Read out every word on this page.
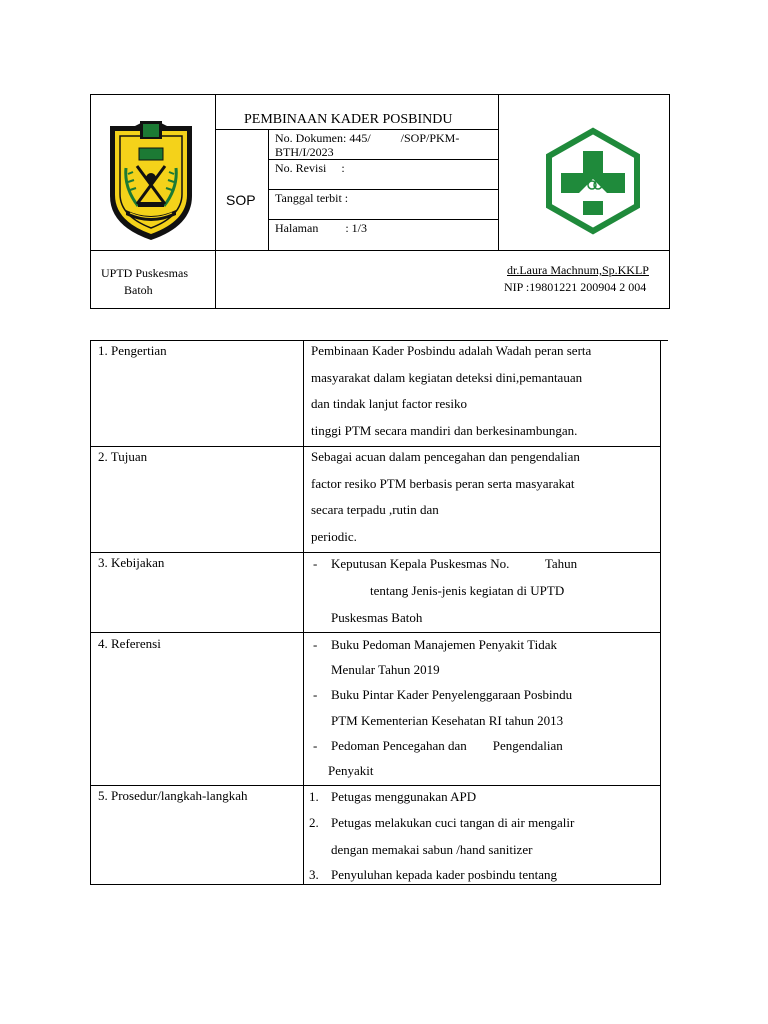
PEMBINAAN KADER POSBINDU
SOP
No. Dokumen: 445/          /SOP/PKM-
BTH/I/2023
No. Revisi     :
Tanggal terbit :
Halaman         : 1/3
UPTD Puskesmas
Batoh
dr.Laura Machnum,Sp.KKLP
NIP :19801221 200904 2 004
1. Pengertian	Pembinaan Kader Posbindu adalah Wadah peran serta
masyarakat dalam kegiatan deteksi dini,pemantauan
dan tindak lanjut factor resiko
tinggi PTM secara mandiri dan berkesinambungan.
2. Tujuan	Sebagai acuan dalam pencegahan dan pengendalian
factor resiko PTM berbasis peran serta masyarakat
secara terpadu ,rutin dan
periodic.
3. Kebijakan	- Keputusan Kepala Puskesmas No.           Tahun
tentang Jenis-jenis kegiatan di UPTD
Puskesmas Batoh
4. Referensi	- Buku Pedoman Manajemen Penyakit Tidak
Menular Tahun 2019
- Buku Pintar Kader Penyelenggaraan Posbindu
PTM Kementerian Kesehatan RI tahun 2013
- Pedoman Pencegahan dan        Pengendalian
Penyakit
5. Prosedur/langkah-langkah	1. Petugas menggunakan APD
2. Petugas melakukan cuci tangan di air mengalir
dengan memakai sabun /hand sanitizer
3. Penyuluhan kepada kader posbindu tentang
